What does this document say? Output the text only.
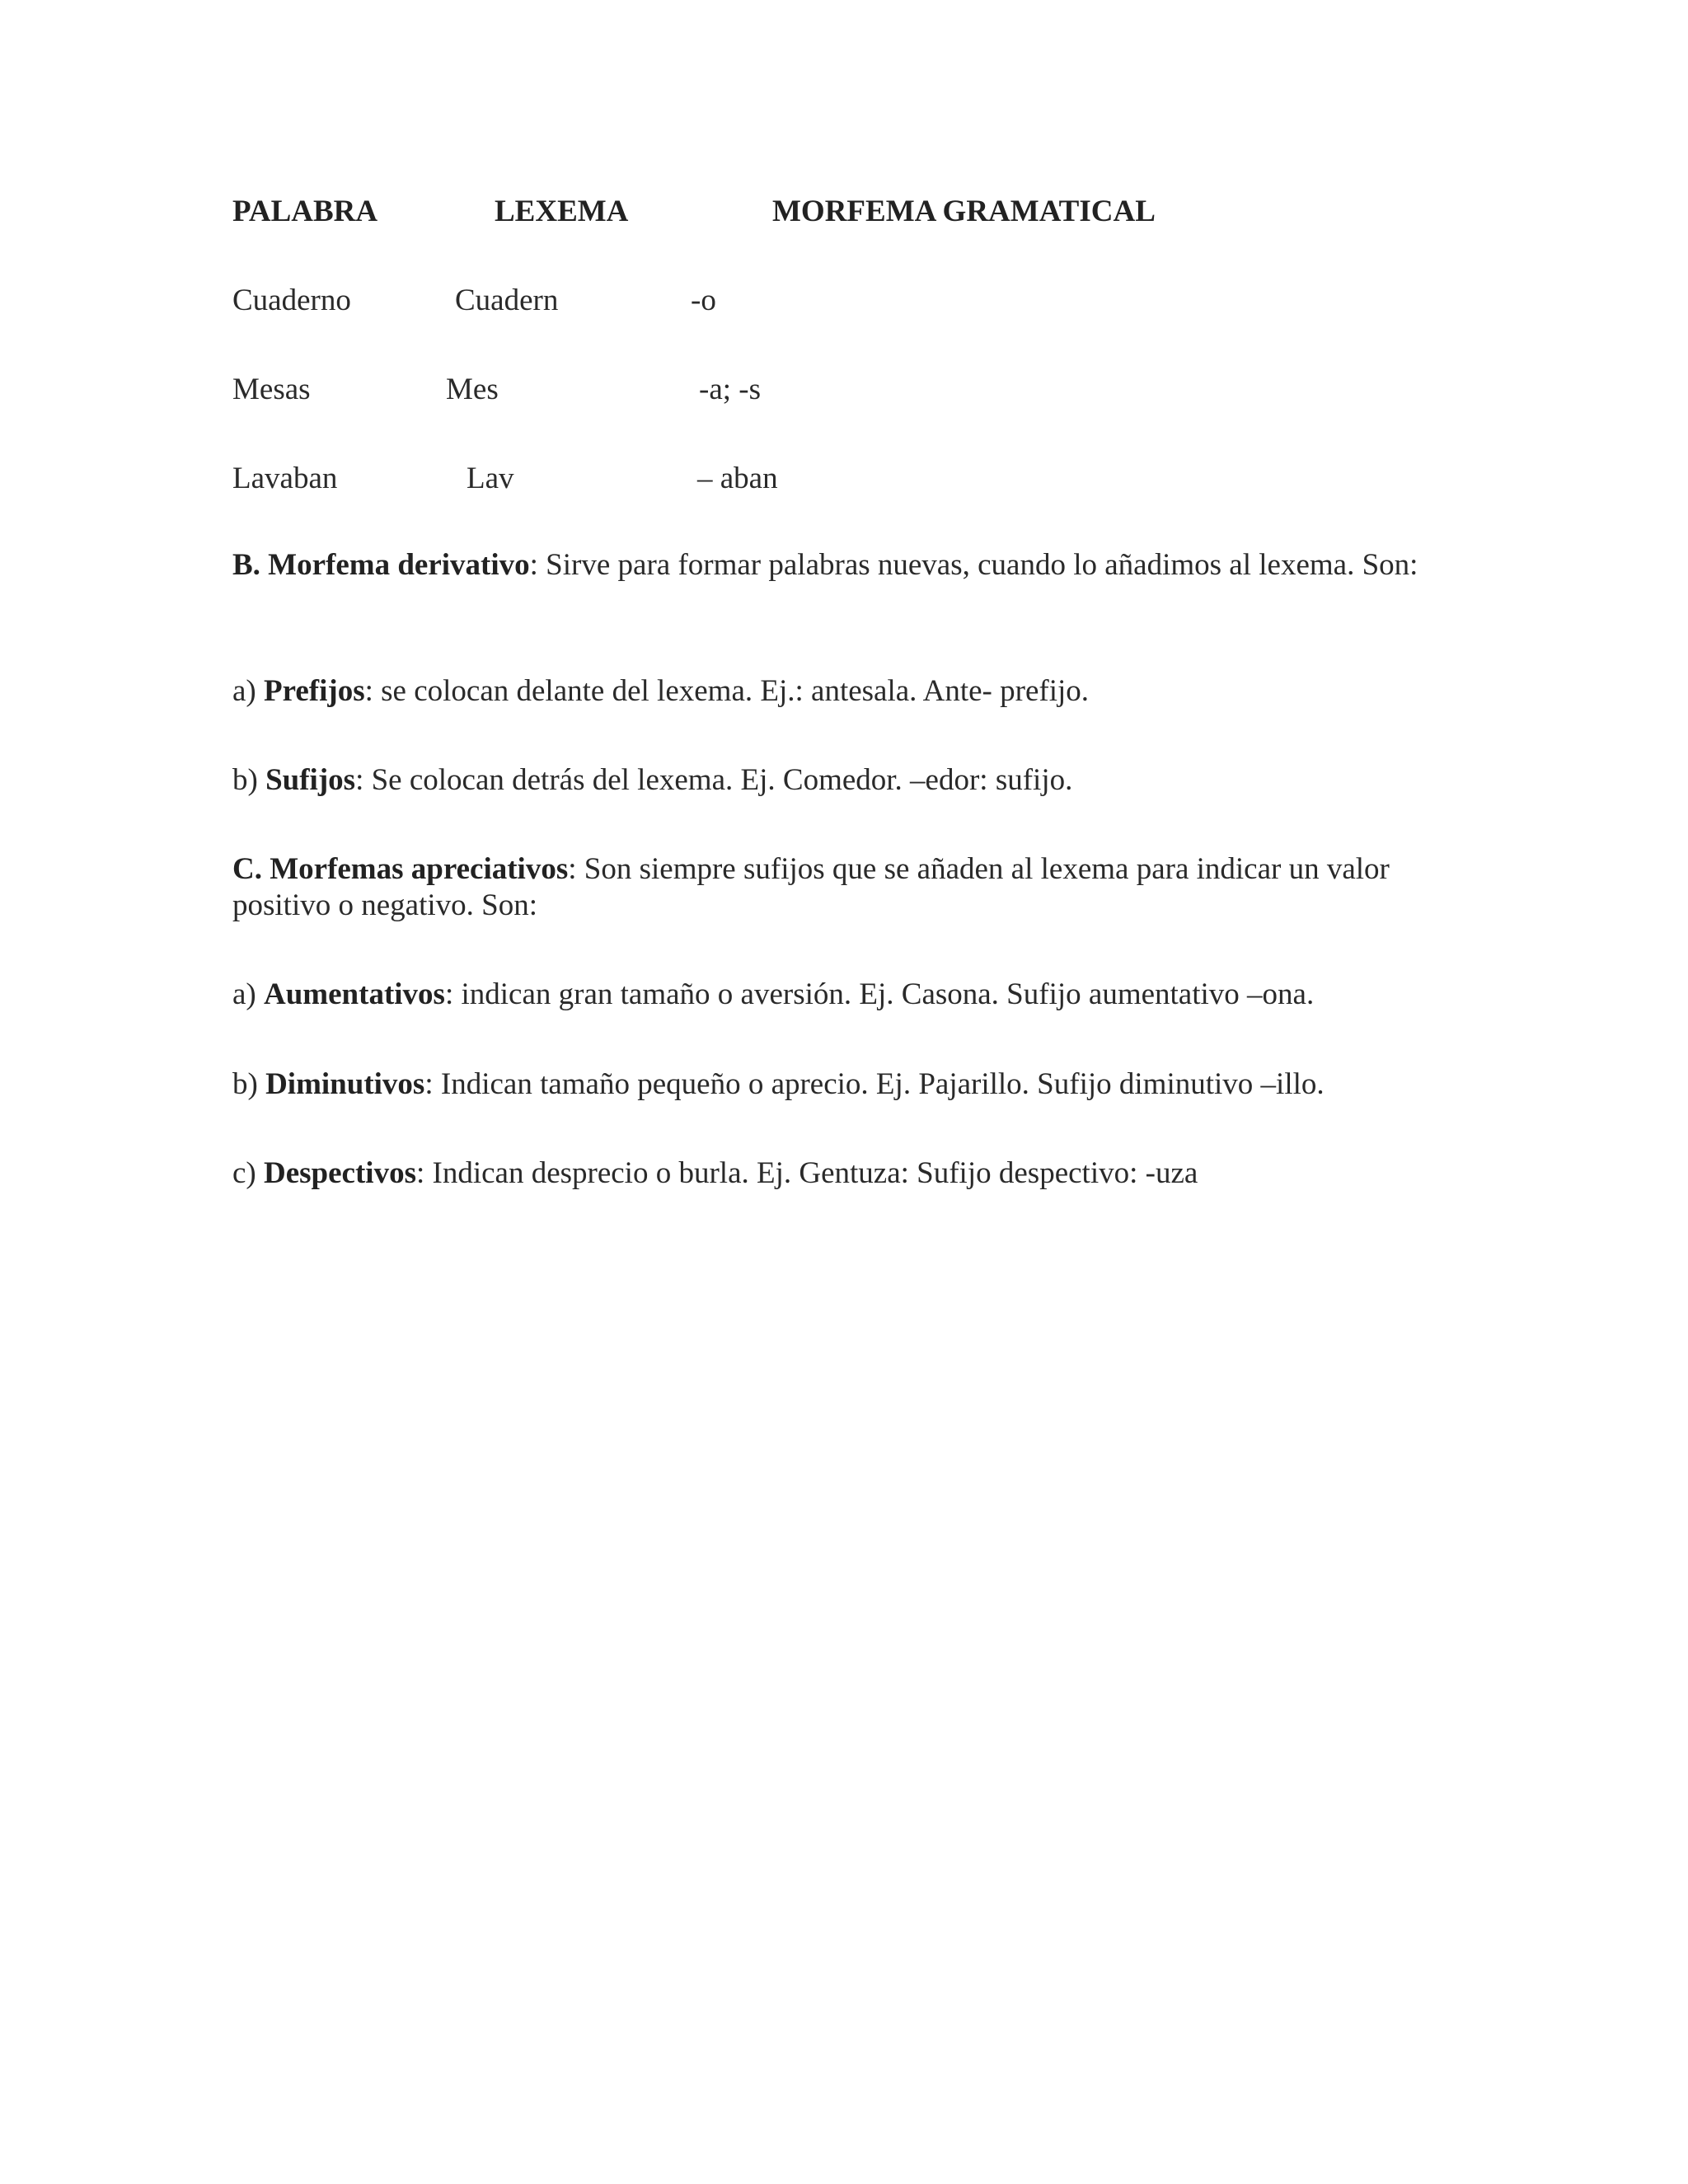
PALABRA	LEXEMA	MORFEMA GRAMATICAL
Cuaderno	Cuadern	-o
Mesas	Mes	-a; -s
Lavaban	Lav	– aban
B. Morfema derivativo: Sirve para formar palabras nuevas, cuando lo añadimos al lexema. Son:
a) Prefijos: se colocan delante del lexema. Ej.: antesala. Ante- prefijo.
b) Sufijos: Se colocan detrás del lexema. Ej. Comedor. –edor: sufijo.
C. Morfemas apreciativos: Son siempre sufijos que se añaden al lexema para indicar un valor positivo o negativo. Son:
a) Aumentativos: indican gran tamaño o aversión. Ej. Casona. Sufijo aumentativo –ona.
b) Diminutivos: Indican tamaño pequeño o aprecio. Ej. Pajarillo. Sufijo diminutivo –illo.
c) Despectivos: Indican desprecio o burla. Ej. Gentuza: Sufijo despectivo: -uza
